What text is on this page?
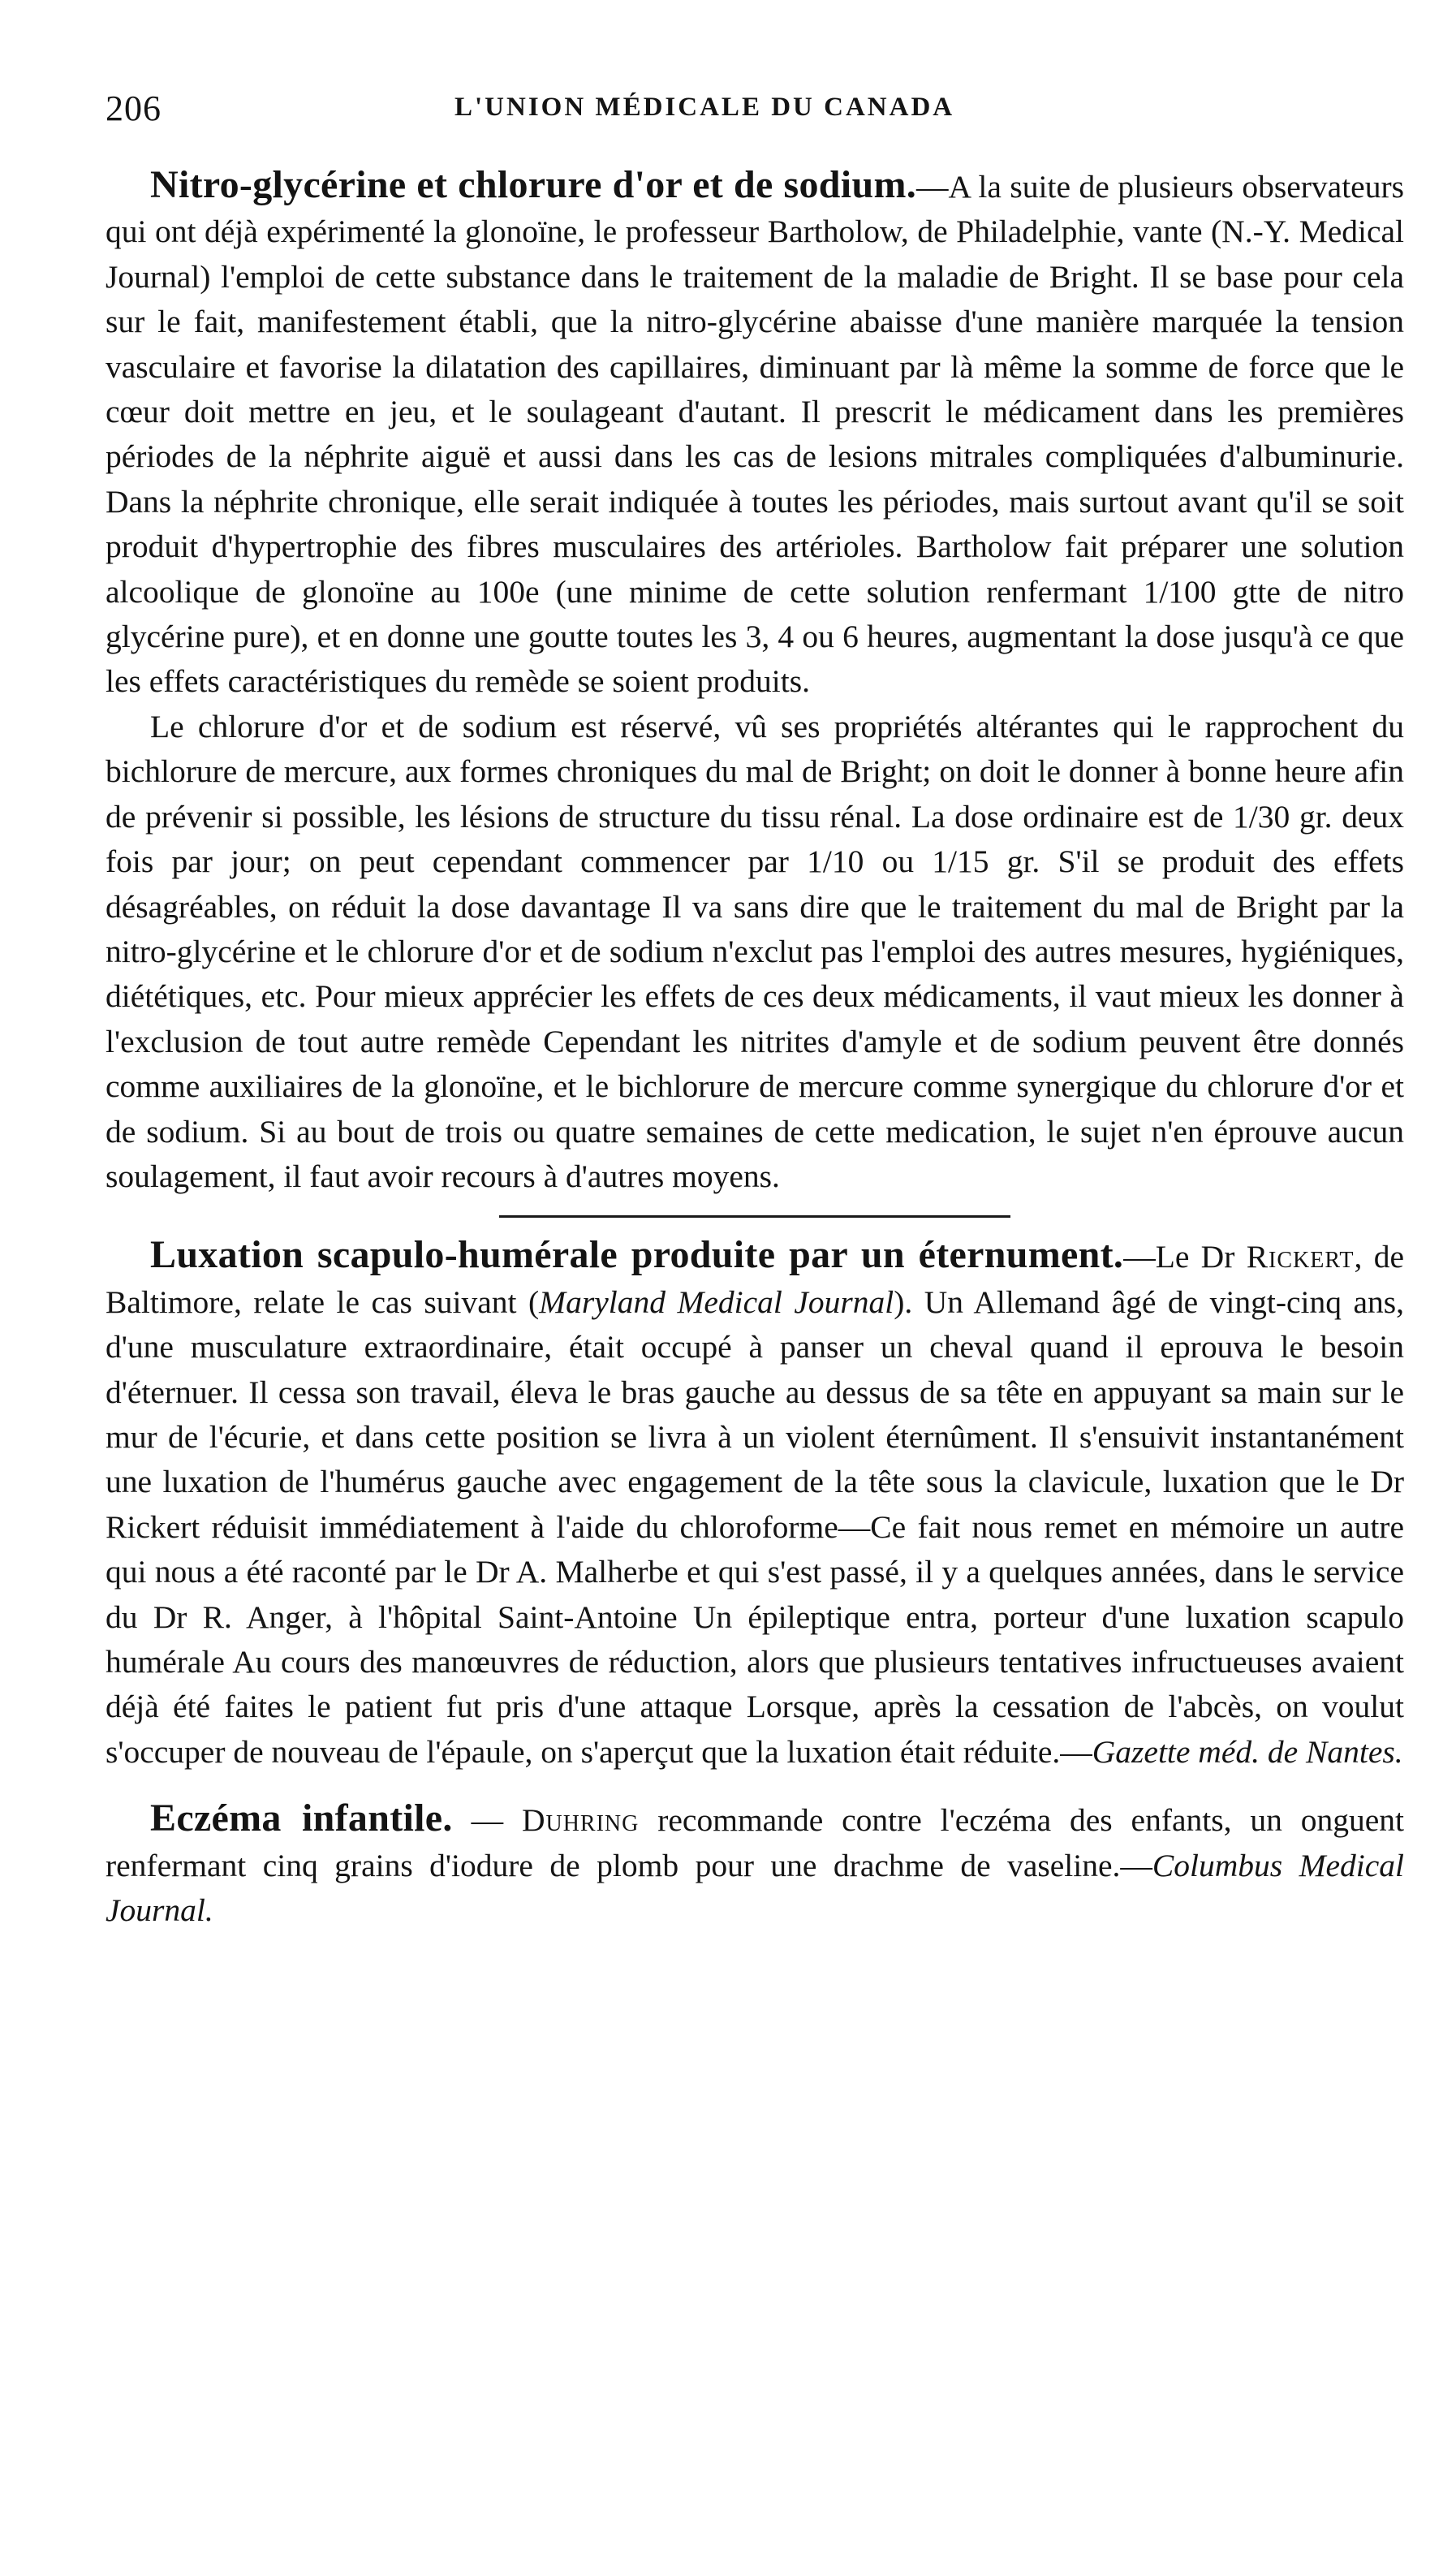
206	L'UNION MÉDICALE DU CANADA

Nitro-glycérine et chlorure d'or et de sodium.—A la suite de plusieurs observateurs qui ont déjà expérimenté la glonoïne, le professeur Bartholow, de Philadelphie, vante (N.-Y. Medical Journal) l'emploi de cette substance dans le traitement de la maladie de Bright. Il se base pour cela sur le fait, manifestement établi, que la nitro-glycérine abaisse d'une manière marquée la tension vasculaire et favorise la dilatation des capillaires, diminuant par là même la somme de force que le cœur doit mettre en jeu, et le soulageant d'autant. Il prescrit le médicament dans les premières périodes de la néphrite aiguë et aussi dans les cas de lesions mitrales compliquées d'albuminurie. Dans la néphrite chronique, elle serait indiquée à toutes les périodes, mais surtout avant qu'il se soit produit d'hypertrophie des fibres musculaires des artérioles. Bartholow fait préparer une solution alcoolique de glonoïne au 100e (une minime de cette solution renfermant 1/100 gtte de nitro glycérine pure), et en donne une goutte toutes les 3, 4 ou 6 heures, augmentant la dose jusqu'à ce que les effets caractéristiques du remède se soient produits.

Le chlorure d'or et de sodium est réservé, vû ses propriétés altérantes qui le rapprochent du bichlorure de mercure, aux formes chroniques du mal de Bright; on doit le donner à bonne heure afin de prévenir si possible, les lésions de structure du tissu rénal. La dose ordinaire est de 1/30 gr. deux fois par jour; on peut cependant commencer par 1/10 ou 1/15 gr. S'il se produit des effets désagréables, on réduit la dose davantage Il va sans dire que le traitement du mal de Bright par la nitro-glycérine et le chlorure d'or et de sodium n'exclut pas l'emploi des autres mesures, hygiéniques, diététiques, etc. Pour mieux apprécier les effets de ces deux médicaments, il vaut mieux les donner à l'exclusion de tout autre remède Cependant les nitrites d'amyle et de sodium peuvent être donnés comme auxiliaires de la glonoïne, et le bichlorure de mercure comme synergique du chlorure d'or et de sodium. Si au bout de trois ou quatre semaines de cette medication, le sujet n'en éprouve aucun soulagement, il faut avoir recours à d'autres moyens.

Luxation scapulo-humérale produite par un éternument.—Le Dr Rickert, de Baltimore, relate le cas suivant (Maryland Medical Journal). Un Allemand âgé de vingt-cinq ans, d'une musculature extraordinaire, était occupé à panser un cheval quand il eprouva le besoin d'éternuer. Il cessa son travail, éleva le bras gauche au dessus de sa tête en appuyant sa main sur le mur de l'écurie, et dans cette position se livra à un violent éternûment. Il s'ensuivit instantanément une luxation de l'humérus gauche avec engagement de la tête sous la clavicule, luxation que le Dr Rickert réduisit immédiatement à l'aide du chloroforme—Ce fait nous remet en mémoire un autre qui nous a été raconté par le Dr A. Malherbe et qui s'est passé, il y a quelques années, dans le service du Dr R. Anger, à l'hôpital Saint-Antoine Un épileptique entra, porteur d'une luxation scapulo humérale Au cours des manœuvres de réduction, alors que plusieurs tentatives infructueuses avaient déjà été faites le patient fut pris d'une attaque Lorsque, après la cessation de l'abcès, on voulut s'occuper de nouveau de l'épaule, on s'aperçut que la luxation était réduite.—Gazette méd. de Nantes.

Eczéma infantile. — Duhring recommande contre l'eczéma des enfants, un onguent renfermant cinq grains d'iodure de plomb pour une drachme de vaseline.—Columbus Medical Journal.
